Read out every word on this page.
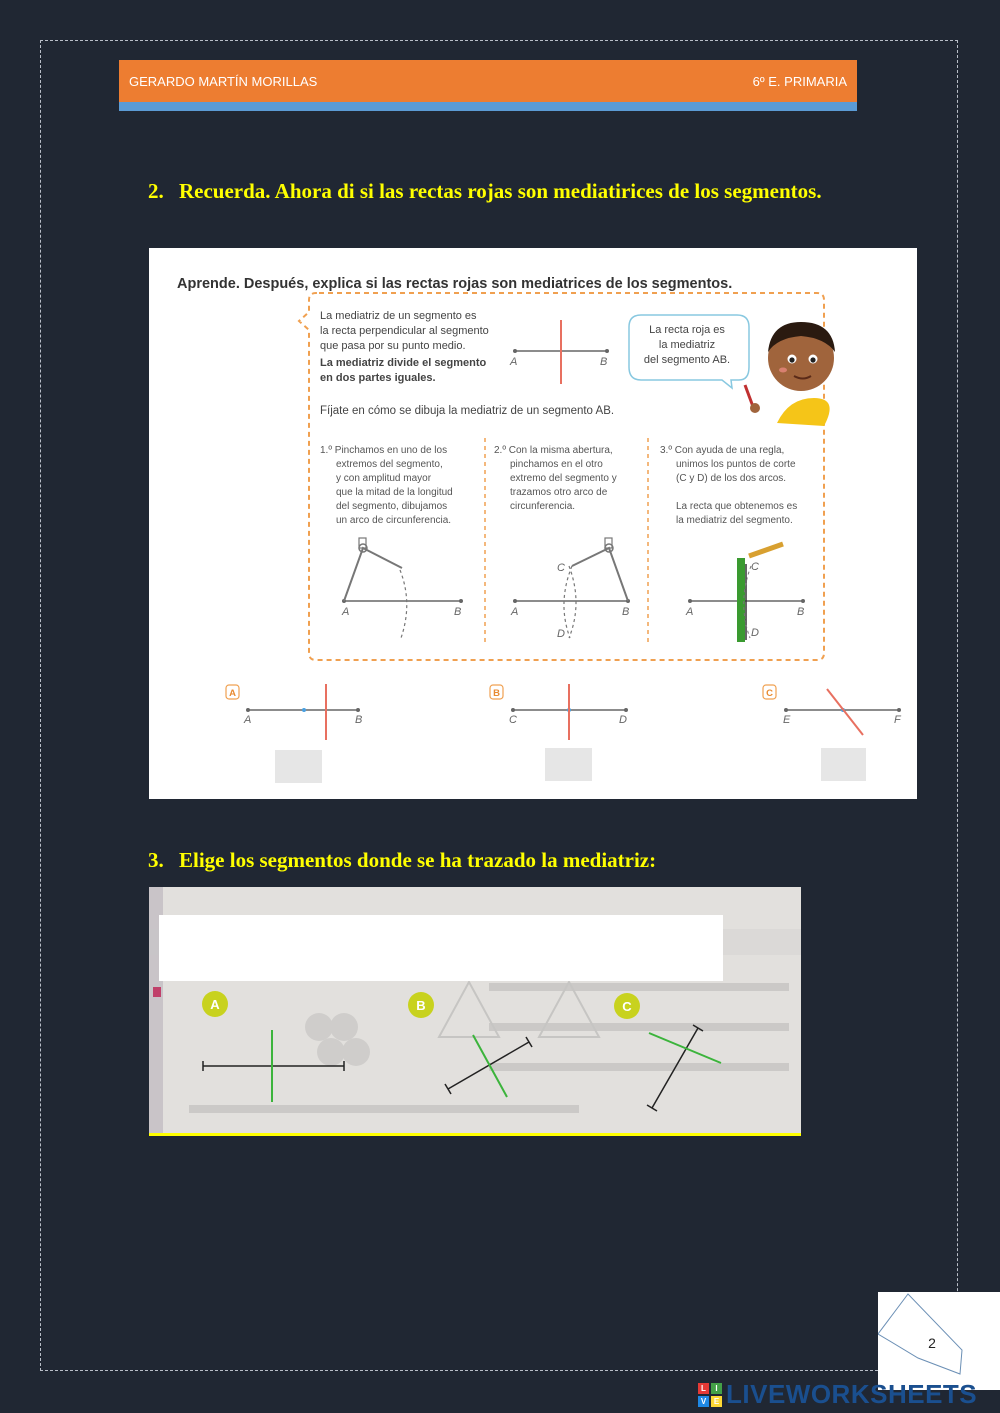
GERARDO MARTÍN MORILLAS	6º E. PRIMARIA
2. Recuerda. Ahora di si las rectas rojas son mediatirices de los segmentos.
Aprende. Después, explica si las rectas rojas son mediatrices de los segmentos.
La mediatriz de un segmento es
la recta perpendicular al segmento
que pasa por su punto medio.
La mediatriz divide el segmento
en dos partes iguales.
A	B
La recta roja es
la mediatriz
del segmento AB.
Fíjate en cómo se dibuja la mediatriz de un segmento AB.
1.º Pinchamos en uno de los
extremos del segmento,
y con amplitud mayor
que la mitad de la longitud
del segmento, dibujamos
un arco de circunferencia.
2.º Con la misma abertura,
pinchamos en el otro
extremo del segmento y
trazamos otro arco de
circunferencia.
3.º Con ayuda de una regla,
unimos los puntos de corte
(C y D) de los dos arcos.
La recta que obtenemos es
la mediatriz del segmento.
A	B
C
D
A	B
C
D
A	B
A
A	B
B
C	D
C
E	F
3. Elige los segmentos donde se ha trazado la mediatriz:
A	B	C
2
L	I
V E LIVEWORKSHEETS
